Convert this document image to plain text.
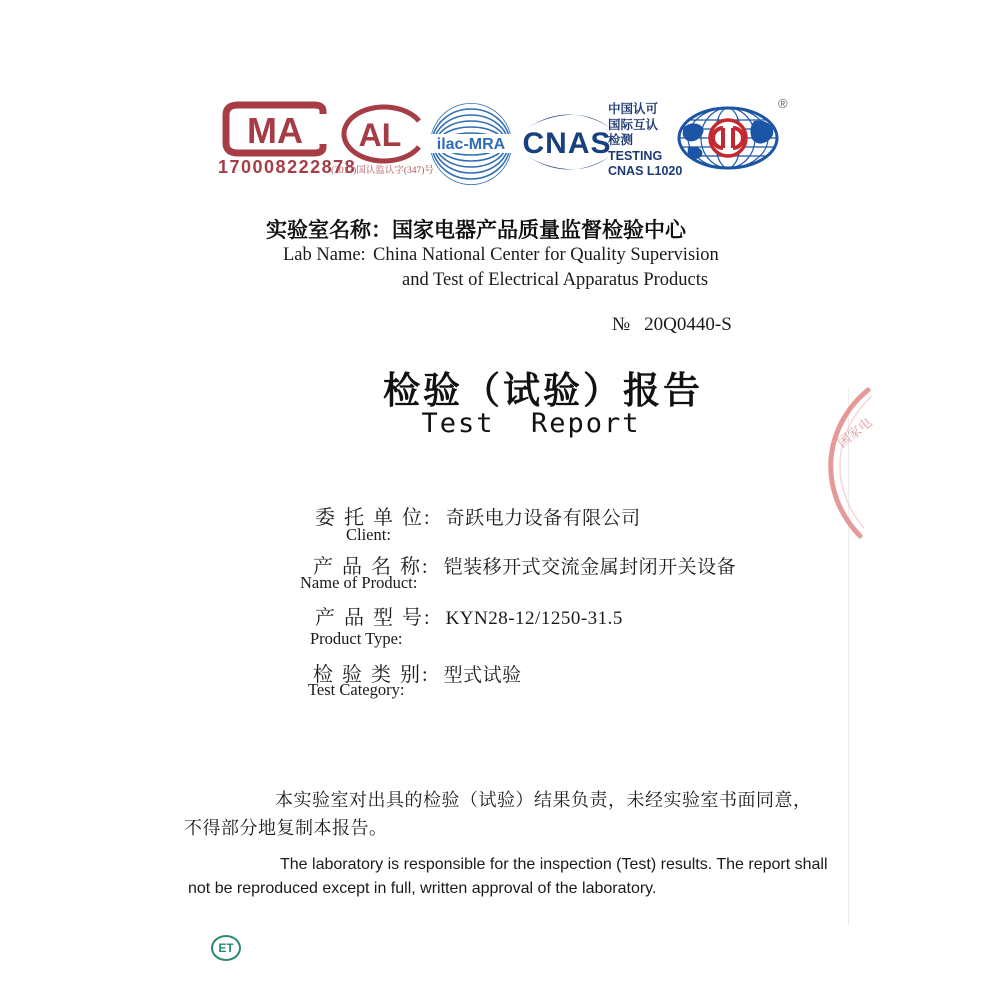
MA
170008222878
AL
(2017)国认监认字(347)号
ilac-MRA CNAS
中国认可
国际互认
检测
TESTING
CNAS L1020
®
实验室名称：国家电器产品质量监督检验中心
Lab Name: China National Center for Quality Supervision
and Test of Electrical Apparatus Products
№ 20Q0440-S
检验（试验）报告
Test  Report
委 托 单 位: 奇跃电力设备有限公司
Client:
产 品 名 称: 铠装移开式交流金属封闭开关设备
Name of Product:
产 品 型 号: KYN28-12/1250-31.5
Product Type:
检 验 类 别: 型式试验
Test Category:
本实验室对出具的检验（试验）结果负责，未经实验室书面同意，
不得部分地复制本报告。
The laboratory is responsible for the inspection (Test) results. The report shall
not be reproduced except in full, written approval of the laboratory.
国家电
ET
